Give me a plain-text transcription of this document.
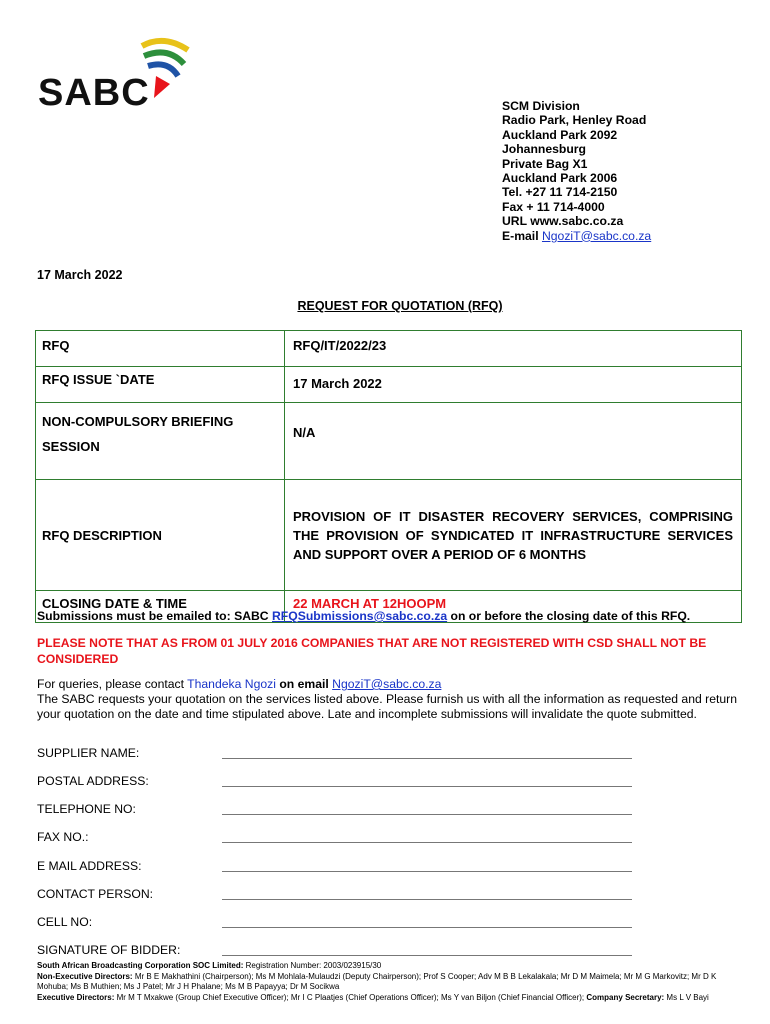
SABC	SCM Division
Radio Park, Henley Road
Auckland Park 2092
Johannesburg
Private Bag X1
Auckland Park 2006
Tel. +27 11 714-2150
Fax + 11 714-4000
URL www.sabc.co.za
E-mail NgoziT@sabc.co.za
17 March 2022
REQUEST FOR QUOTATION (RFQ)
RFQ	RFQ/IT/2022/23
RFQ ISSUE `DATE	17 March 2022

NON-COMPULSORY BRIEFING
SESSION	N/A
RFQ DESCRIPTION	PROVISION OF IT DISASTER RECOVERY SERVICES, COMPRISING THE PROVISION OF SYNDICATED IT INFRASTRUCTURE SERVICES AND SUPPORT OVER A PERIOD OF 6 MONTHS

CLOSING DATE & TIME	22 MARCH AT 12HOOPM
Submissions must be emailed to: SABC RFQSubmissions@sabc.co.za on or before the closing date of this RFQ.
PLEASE NOTE THAT AS FROM 01 JULY 2016 COMPANIES THAT ARE NOT REGISTERED WITH CSD SHALL NOT BE CONSIDERED
For queries, please contact Thandeka Ngozi on email NgoziT@sabc.co.za
The SABC requests your quotation on the services listed above. Please furnish us with all the information as requested and return your quotation on the date and time stipulated above. Late and incomplete submissions will invalidate the quote submitted.
SUPPLIER NAME:
POSTAL ADDRESS:
TELEPHONE NO:
FAX NO.:
E MAIL ADDRESS:
CONTACT PERSON:
CELL NO:
SIGNATURE OF BIDDER:
South African Broadcasting Corporation SOC Limited: Registration Number: 2003/023915/30
Non-Executive Directors: Mr B E Makhathini (Chairperson); Ms M Mohlala-Mulaudzi (Deputy Chairperson); Prof S Cooper; Adv M B B Lekalakala; Mr D M Maimela; Mr M G Markovitz; Mr D K Mohuba; Ms B Muthien; Ms J Patel; Mr J H Phalane; Ms M B Papayya; Dr M Socikwa
Executive Directors: Mr M T Mxakwe (Group Chief Executive Officer); Mr I C Plaatjes (Chief Operations Officer); Ms Y van Biljon (Chief Financial Officer); Company Secretary: Ms L V Bayi
